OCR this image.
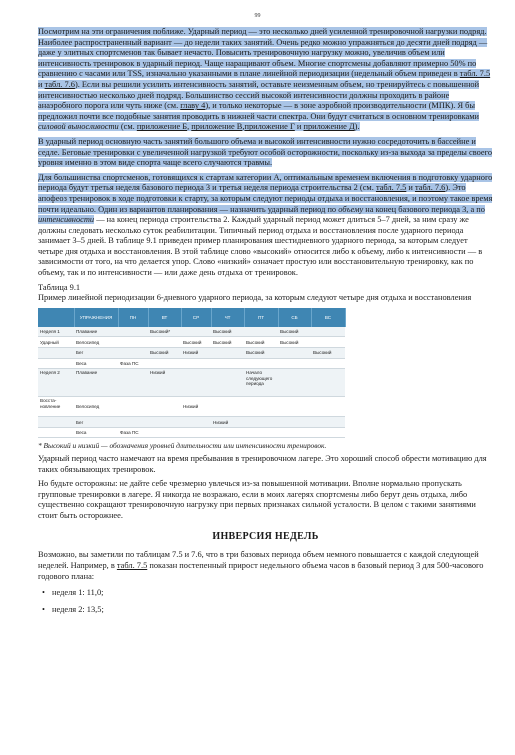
99

Посмотрим на эти ограничения поближе. Ударный период — это несколько дней усиленной тренировочной нагрузки подряд. Наиболее распространенный вариант — до недели таких занятий. Очень редко можно упражняться до десяти дней подряд — даже у элитных спортсменов так бывает нечасто. Повысить тренировочную нагрузку можно, увеличив объем или интенсивность тренировок в ударный период. Чаще наращивают объем. Многие спортсмены добавляют примерно 50% по сравнению с часами или TSS, изначально указанными в плане линейной периодизации (недельный объем приведен в табл. 7.5 и табл. 7.6). Если вы решили усилить интенсивность занятий, оставьте неизменным объем, но тренируйтесь с повышенной интенсивностью несколько дней подряд. Большинство сессий высокой интенсивности должны проходить в районе анаэробного порога или чуть ниже (см. главу 4), и только некоторые — в зоне аэробной производительности (МПК). Я бы предложил почти все подобные занятия проводить в нижней части спектра. Они будут считаться в основном тренировками силовой выносливости (см. приложение Б, приложение В,приложение Г и приложение Д).

В ударный период основную часть занятий большого объема и высокой интенсивности нужно сосредоточить в бассейне и седле. Беговые тренировки с увеличенной нагрузкой требуют особой осторожности, поскольку из-за выхода за пределы своего уровня именно в этом виде спорта чаще всего случаются травмы.

Для большинства спортсменов, готовящихся к стартам категории А, оптимальным временем включения в подготовку ударного периода будут третья неделя базового периода 3 и третья неделя периода строительства 2 (см. табл. 7.5 и табл. 7.6). Это апофеоз тренировок в ходе подготовки к старту, за которым следуют периоды отдыха и восстановления, и поэтому такое время почти идеально. Один из вариантов планирования — назначить ударный период по объему на конец базового периода 3, а по интенсивности — на конец периода строительства 2. Каждый ударный период может длиться 5–7 дней, за ним сразу же должны следовать несколько суток реабилитации. Типичный период отдыха и восстановления после ударного периода занимает 3–5 дней. В таблице 9.1 приведен пример планирования шестидневного ударного периода, за которым следует четыре дня отдыха и восстановления. В этой таблице слово «высокий» относится либо к объему, либо к интенсивности — в зависимости от того, на что делается упор. Слово «низкий» означает простую или восстановительную тренировку, как по объему, так и по интенсивности — или даже день отдыха от тренировок.

Таблица 9.1

Пример линейной периодизации 6-дневного ударного периода, за которым следуют четыре дня отдыха и восстановления

	УПРАЖНЕНИЯ	ПН	ВТ	СР	ЧТ	ПТ	СБ	ВС
Неделя 1	Плавание		Высокий*		Высокий		Высокий	
Ударный	Велосипед			Высокий	Высокий	Высокий	Высокий	
	Бег		Высокий	Низкий		Высокий		Высокий
	Веса	Фаза ПС						
Неделя 2	Плавание		Низкий			Начало следующего периода		
Восста-новление	Велосипед			Низкий				
	Бег				Низкий			
	Веса	Фаза ПС						

* Высокий и низкий — обозначения уровней длительности или интенсивности тренировок.

Ударный период часто намечают на время пребывания в тренировочном лагере. Это хороший способ обрести мотивацию для таких обязывающих тренировок.

Но будьте осторожны: не дайте себе чрезмерно увлечься из-за повышенной мотивации. Вполне нормально пропускать групповые тренировки в лагере. Я никогда не возражаю, если в моих лагерях спортсмены либо берут день отдыха, либо существенно сокращают тренировочную нагрузку при первых признаках сильной усталости. В целом с такими занятиями стоит быть осторожнее.

ИНВЕРСИЯ НЕДЕЛЬ

Возможно, вы заметили по таблицам 7.5 и 7.6, что в три базовых периода объем немного повышается с каждой следующей неделей. Например, в табл. 7.5 показан постепенный прирост недельного объема часов в базовый период 3 для 500-часового годового плана:

• неделя 1: 11,0;
• неделя 2: 13,5;
